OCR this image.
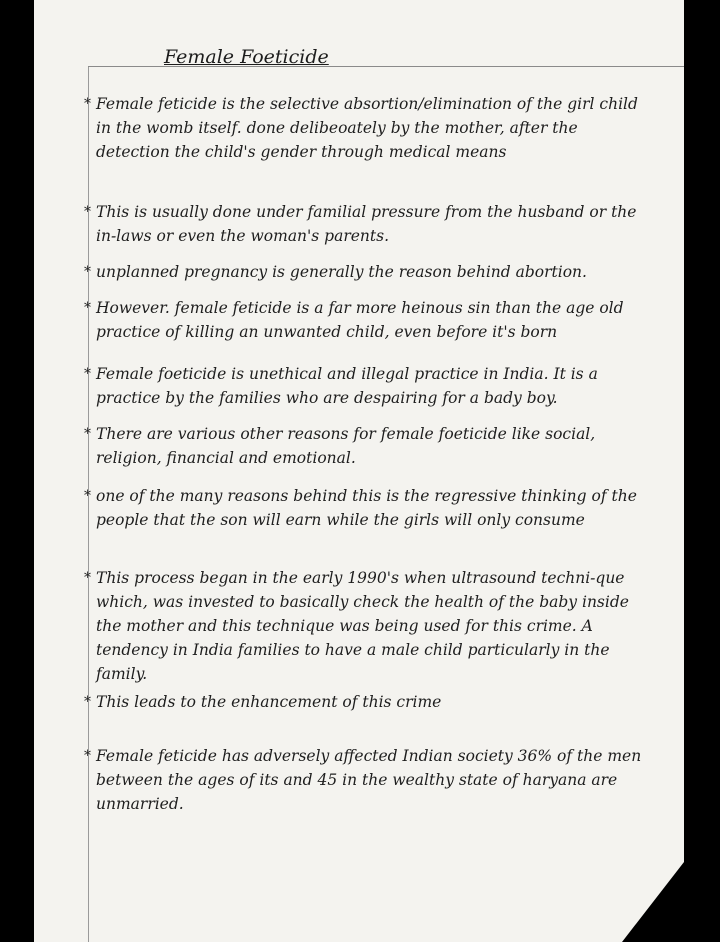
Female Foeticide

* Female feticide is the selective absortion/elimination of the girl child in the womb itself. done delibeoately by the mother, after the detection the child's gender through medical means

* This is usually done under familial pressure from the husband or the in-laws or even the woman's parents.

* unplanned pregnancy is generally the reason behind abortion.

* However. female feticide is a far more heinous sin than the age old practice of killing an unwanted child, even before it's born

* Female foeticide is unethical and illegal practice in India. It is a practice by the families who are despairing for a bady boy.

* There are various other reasons for female foeticide like social, religion, financial and emotional.

* one of the many reasons behind this is the regressive thinking of the people that the son will earn while the girls will only consume

* This process began in the early 1990's when ultrasound techni-que which, was invested to basically check the health of the baby inside the mother and this technique was being used for this crime. A tendency in India families to have a male child particularly in the family.

* This leads to the enhancement of this crime

* Female feticide has adversely affected Indian society 36% of the men between the ages of its and 45 in the wealthy state of haryana are unmarried.
